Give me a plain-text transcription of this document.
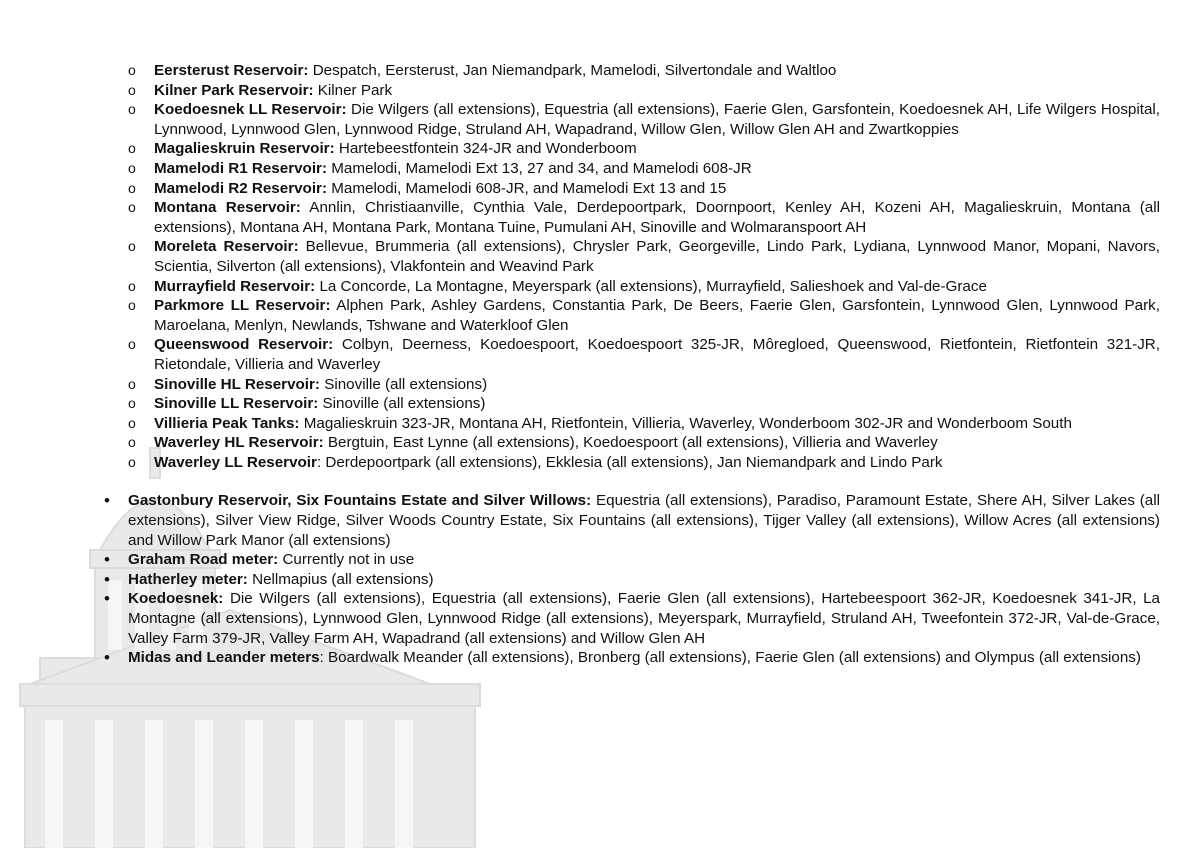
o Eersterust Reservoir: Despatch, Eersterust, Jan Niemandpark, Mamelodi, Silvertondale and Waltloo
o Kilner Park Reservoir: Kilner Park
o Koedoesnek LL Reservoir: Die Wilgers (all extensions), Equestria (all extensions), Faerie Glen, Garsfontein, Koedoesnek AH, Life Wilgers Hospital, Lynnwood, Lynnwood Glen, Lynnwood Ridge, Struland AH, Wapadrand, Willow Glen, Willow Glen AH and Zwartkoppies
o Magalieskruin Reservoir: Hartebeestfontein 324-JR and Wonderboom
o Mamelodi R1 Reservoir: Mamelodi, Mamelodi Ext 13, 27 and 34, and Mamelodi 608-JR
o Mamelodi R2 Reservoir: Mamelodi, Mamelodi 608-JR, and Mamelodi Ext 13 and 15
o Montana Reservoir: Annlin, Christiaanville, Cynthia Vale, Derdepoortpark, Doornpoort, Kenley AH, Kozeni AH, Magalieskruin, Montana (all extensions), Montana AH, Montana Park, Montana Tuine, Pumulani AH, Sinoville and Wolmaranspoort AH
o Moreleta Reservoir: Bellevue, Brummeria (all extensions), Chrysler Park, Georgeville, Lindo Park, Lydiana, Lynnwood Manor, Mopani, Navors, Scientia, Silverton (all extensions), Vlakfontein and Weavind Park
o Murrayfield Reservoir: La Concorde, La Montagne, Meyerspark (all extensions), Murrayfield, Salieshoek and Val-de-Grace
o Parkmore LL Reservoir: Alphen Park, Ashley Gardens, Constantia Park, De Beers, Faerie Glen, Garsfontein, Lynnwood Glen, Lynnwood Park, Maroelana, Menlyn, Newlands, Tshwane and Waterkloof Glen
o Queenswood Reservoir: Colbyn, Deerness, Koedoespoort, Koedoespoort 325-JR, Môregloed, Queenswood, Rietfontein, Rietfontein 321-JR, Rietondale, Villieria and Waverley
o Sinoville HL Reservoir: Sinoville (all extensions)
o Sinoville LL Reservoir: Sinoville (all extensions)
o Villieria Peak Tanks: Magalieskruin 323-JR, Montana AH, Rietfontein, Villieria, Waverley, Wonderboom 302-JR and Wonderboom South
o Waverley HL Reservoir: Bergtuin, East Lynne (all extensions), Koedoespoort (all extensions), Villieria and Waverley
o Waverley LL Reservoir: Derdepoortpark (all extensions), Ekklesia (all extensions), Jan Niemandpark and Lindo Park
• Gastonbury Reservoir, Six Fountains Estate and Silver Willows: Equestria (all extensions), Paradiso, Paramount Estate, Shere AH, Silver Lakes (all extensions), Silver View Ridge, Silver Woods Country Estate, Six Fountains (all extensions), Tijger Valley (all extensions), Willow Acres (all extensions) and Willow Park Manor (all extensions)
• Graham Road meter: Currently not in use
• Hatherley meter: Nellmapius (all extensions)
• Koedoesnek: Die Wilgers (all extensions), Equestria (all extensions), Faerie Glen (all extensions), Hartebeespoort 362-JR, Koedoesnek 341-JR, La Montagne (all extensions), Lynnwood Glen, Lynnwood Ridge (all extensions), Meyerspark, Murrayfield, Struland AH, Tweefontein 372-JR, Val-de-Grace, Valley Farm 379-JR, Valley Farm AH, Wapadrand (all extensions) and Willow Glen AH
• Midas and Leander meters: Boardwalk Meander (all extensions), Bronberg (all extensions), Faerie Glen (all extensions) and Olympus (all extensions)
